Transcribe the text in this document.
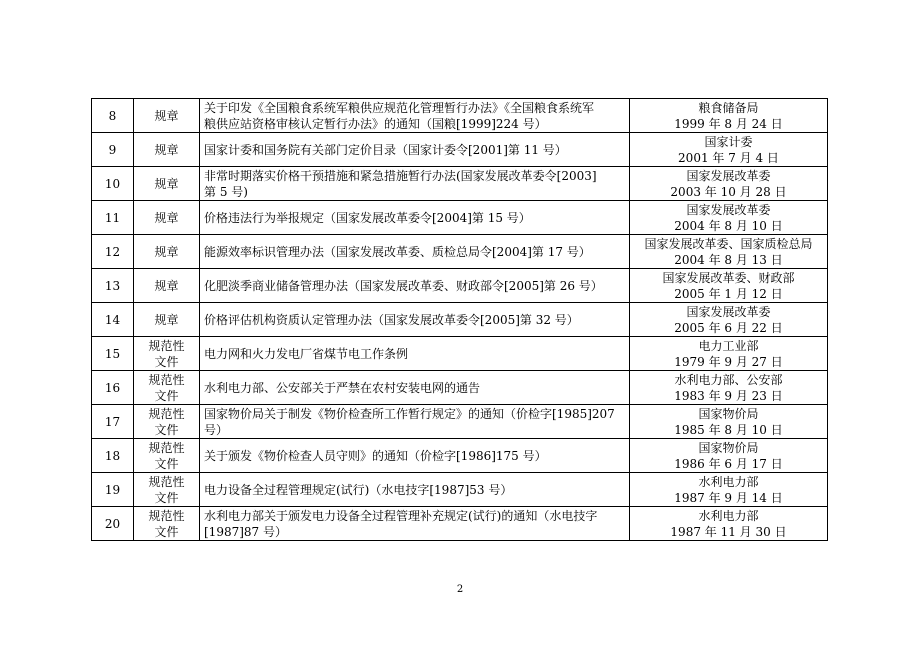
8	规章	关于印发《全国粮食系统军粮供应规范化管理暂行办法》《全国粮食系统军
粮供应站资格审核认定暂行办法》的通知（国粮[1999]224 号）	粮食储备局
1999 年 8 月 24 日

9	规章	国家计委和国务院有关部门定价目录（国家计委令[2001]第 11 号）	国家计委
2001 年 7 月 4 日

10	规章	非常时期落实价格干预措施和紧急措施暂行办法(国家发展改革委令[2003]
第 5 号)	国家发展改革委
2003 年 10 月 28 日

11	规章	价格违法行为举报规定（国家发展改革委令[2004]第 15 号）	国家发展改革委
2004 年 8 月 10 日

12	规章	能源效率标识管理办法（国家发展改革委、质检总局令[2004]第 17 号）	国家发展改革委、国家质检总局
2004 年 8 月 13 日

13	规章	化肥淡季商业储备管理办法（国家发展改革委、财政部令[2005]第 26 号）	国家发展改革委、财政部
2005 年 1 月 12 日

14	规章	价格评估机构资质认定管理办法（国家发展改革委令[2005]第 32 号）	国家发展改革委
2005 年 6 月 22 日

15	规范性
文件	电力网和火力发电厂省煤节电工作条例	电力工业部
1979 年 9 月 27 日

16	规范性
文件	水利电力部、公安部关于严禁在农村安装电网的通告	水利电力部、公安部
1983 年 9 月 23 日

17	规范性
文件	国家物价局关于制发《物价检查所工作暂行规定》的通知（价检字[1985]207
号）	国家物价局
1985 年 8 月 10 日

18	规范性
文件	关于颁发《物价检查人员守则》的通知（价检字[1986]175 号）	国家物价局
1986 年 6 月 17 日

19	规范性
文件	电力设备全过程管理规定(试行)（水电技字[1987]53 号）	水利电力部
1987 年 9 月 14 日

20	规范性
文件	水利电力部关于颁发电力设备全过程管理补充规定(试行)的通知（水电技字
[1987]87 号）	水利电力部
1987 年 11 月 30 日
2
